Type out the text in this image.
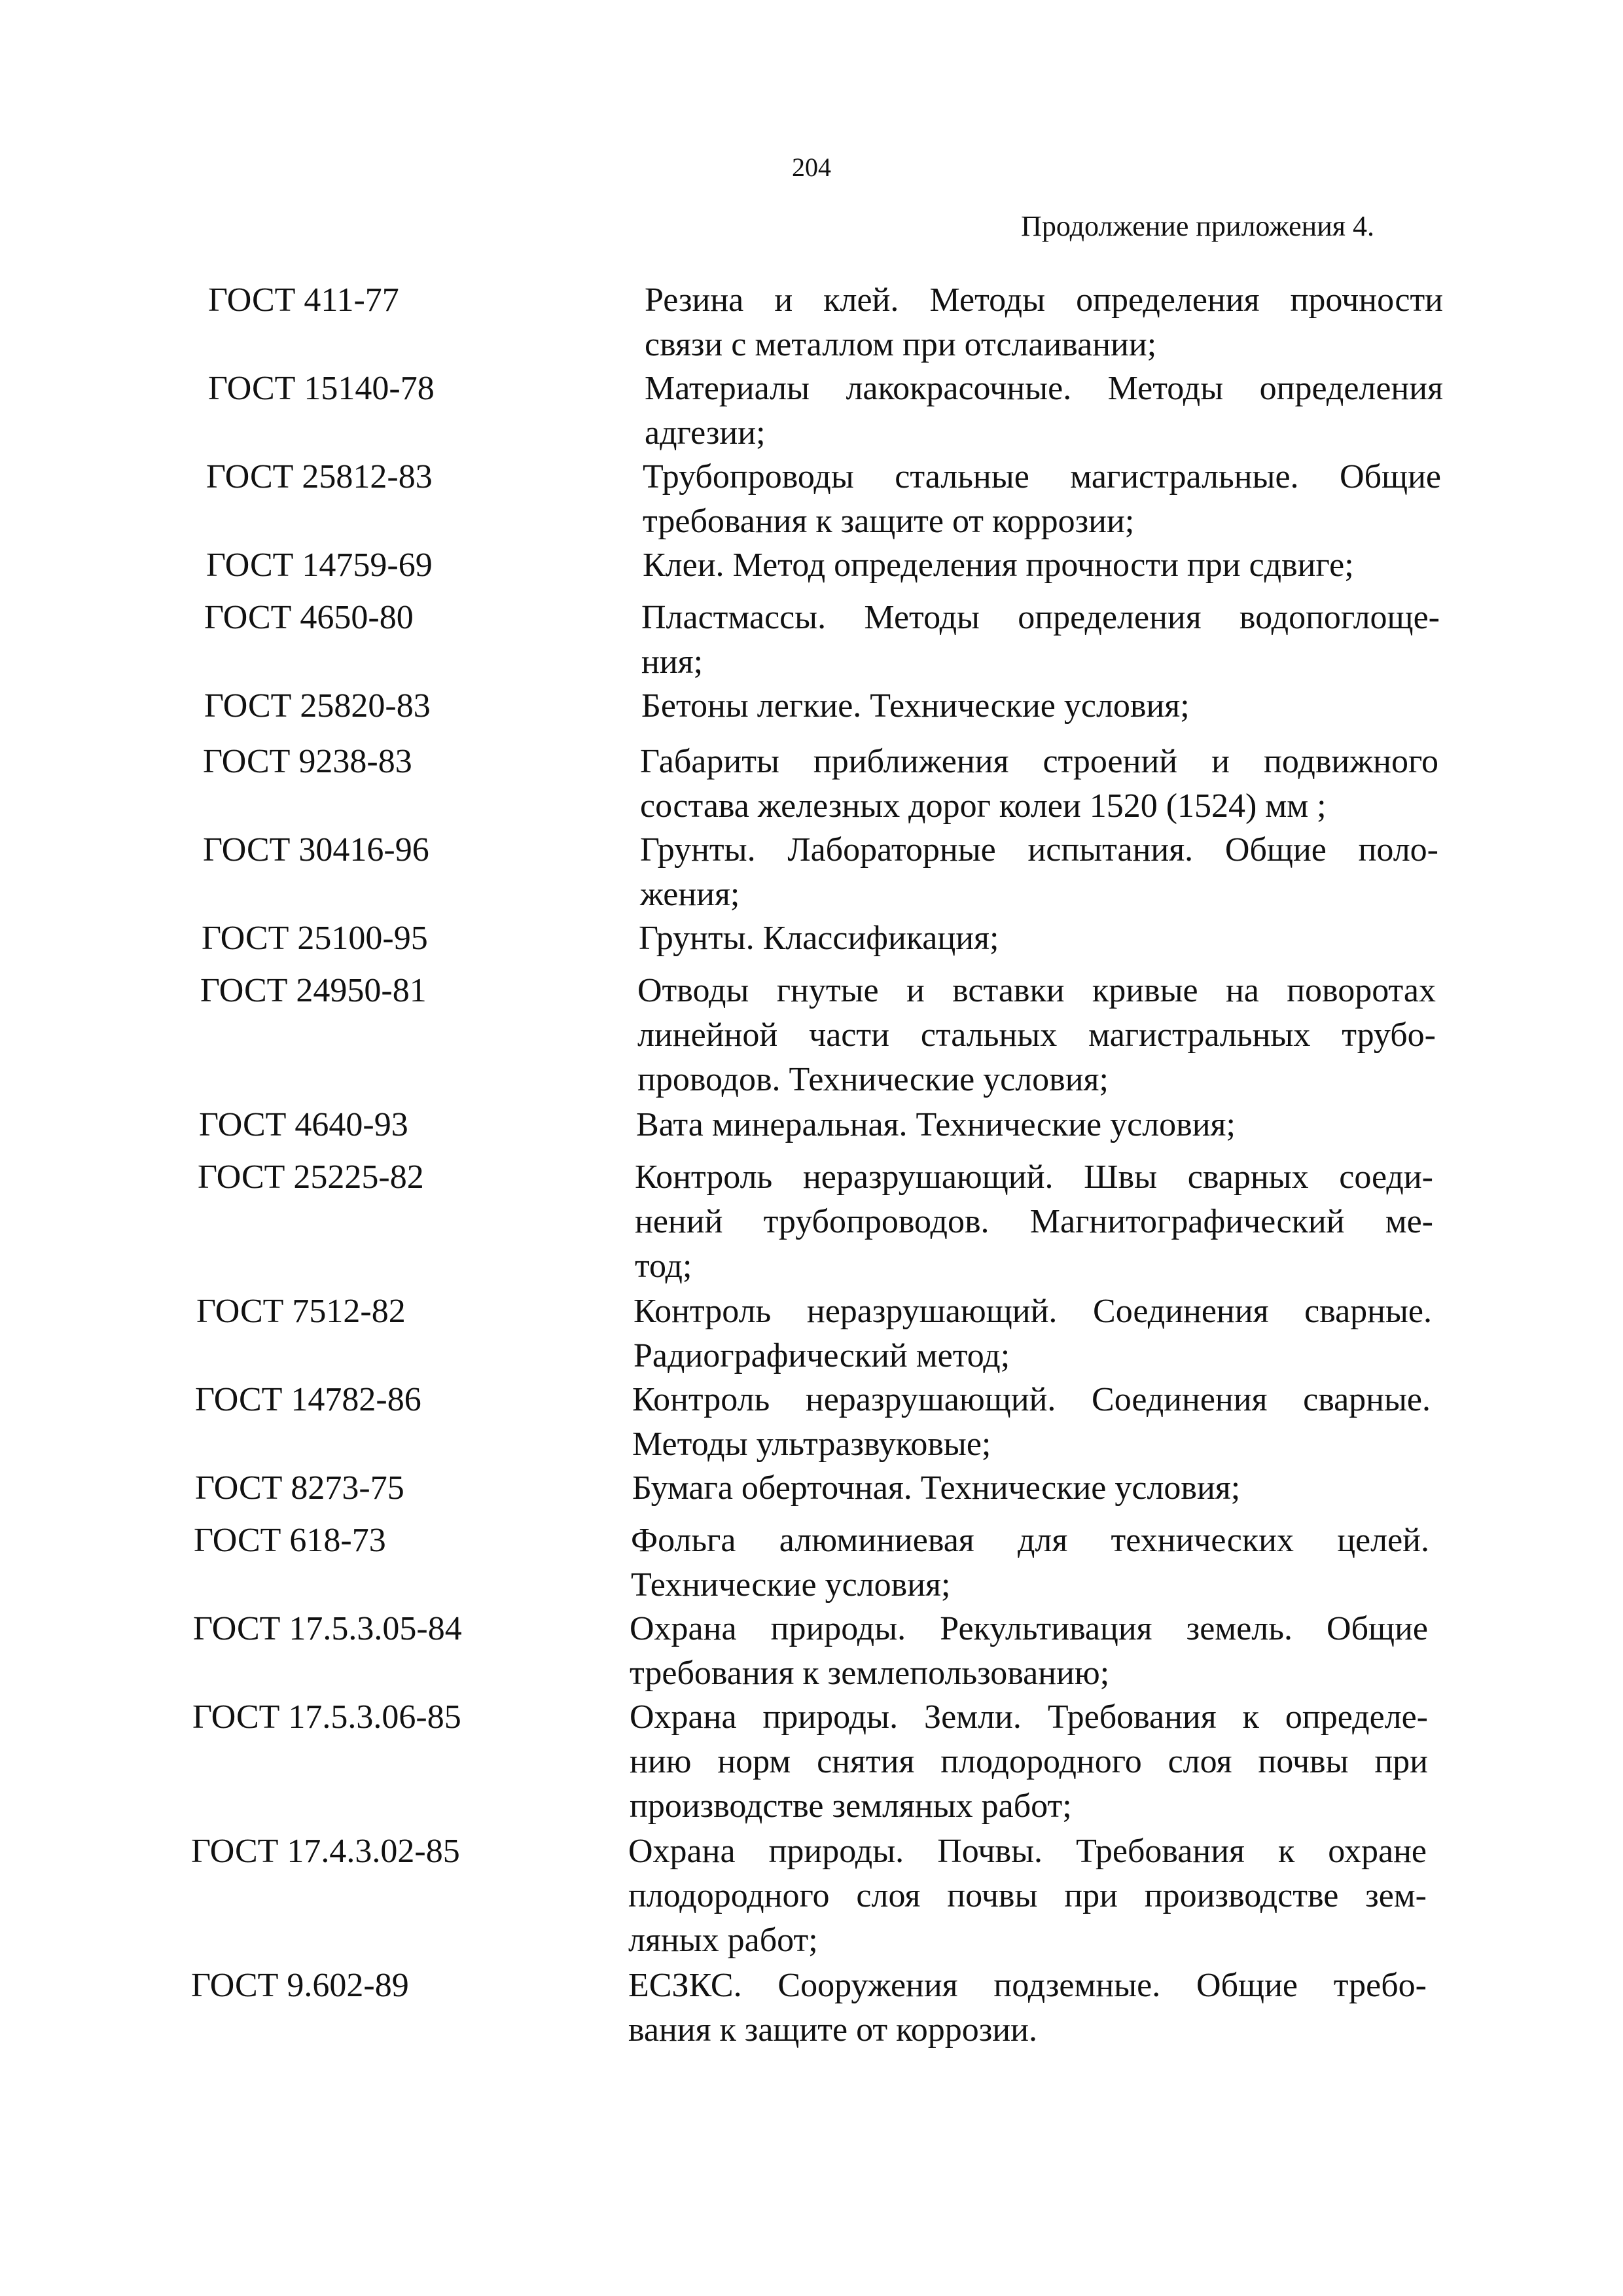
204
Продолжение приложения 4.
ГОСТ 411-77	Резина и клей. Методы определения прочности
связи с металлом при отслаивании;
ГОСТ 15140-78	Материалы лакокрасочные. Методы определения
адгезии;
ГОСТ 25812-83	Трубопроводы стальные магистральные. Общие
требования к защите от коррозии;
ГОСТ 14759-69	Клеи. Метод определения прочности при сдвиге;
ГОСТ 4650-80	Пластмассы. Методы определения водопоглоще-
ния;
ГОСТ 25820-83	Бетоны легкие. Технические условия;
ГОСТ 9238-83	Габариты приближения строений и подвижного
состава железных дорог колеи 1520 (1524) мм ;
ГОСТ 30416-96	Грунты. Лабораторные испытания. Общие поло-
жения;
ГОСТ 25100-95	Грунты. Классификация;
ГОСТ 24950-81	Отводы гнутые и вставки кривые на поворотах
линейной части стальных магистральных трубо-
проводов. Технические условия;
ГОСТ 4640-93	Вата минеральная. Технические условия;
ГОСТ 25225-82	Контроль неразрушающий. Швы сварных соеди-
нений трубопроводов. Магнитографический ме-
тод;
ГОСТ 7512-82	Контроль неразрушающий. Соединения сварные.
Радиографический метод;
ГОСТ 14782-86	Контроль неразрушающий. Соединения сварные.
Методы ультразвуковые;
ГОСТ 8273-75	Бумага оберточная. Технические условия;
ГОСТ 618-73	Фольга алюминиевая для технических целей.
Технические условия;
ГОСТ 17.5.3.05-84	Охрана природы. Рекультивация земель. Общие
требования к землепользованию;
ГОСТ 17.5.3.06-85	Охрана природы. Земли. Требования к определе-
нию норм снятия плодородного слоя почвы при
производстве земляных работ;
ГОСТ 17.4.3.02-85	Охрана природы. Почвы. Требования к охране
плодородного слоя почвы при производстве зем-
ляных работ;
ГОСТ 9.602-89	ЕСЗКС. Сооружения подземные. Общие требо-
вания к защите от коррозии.
